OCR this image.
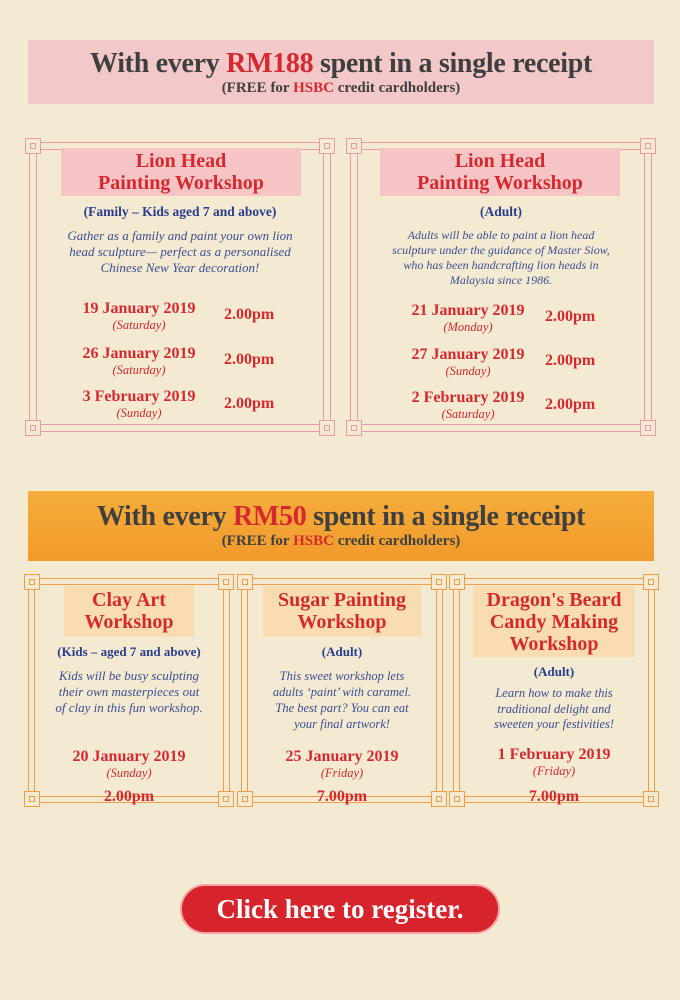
With every RM188 spent in a single receipt
(FREE for HSBC credit cardholders)
Lion Head
Painting Workshop
(Family – Kids aged 7 and above)
Gather as a family and paint your own lion
head sculpture— perfect as a personalised
Chinese New Year decoration!
19 January 2019
(Saturday)
2.00pm
26 January 2019
(Saturday)
2.00pm
3 February 2019
(Sunday)
2.00pm
Lion Head
Painting Workshop
(Adult)
Adults will be able to paint a lion head
sculpture under the guidance of Master Siow,
who has been handcrafting lion heads in
Malaysia since 1986.
21 January 2019
(Monday)
2.00pm
27 January 2019
(Sunday)
2.00pm
2 February 2019
(Saturday)
2.00pm
With every RM50 spent in a single receipt
(FREE for HSBC credit cardholders)
Clay Art
Workshop
(Kids – aged 7 and above)
Kids will be busy sculpting
their own masterpieces out
of clay in this fun workshop.
20 January 2019
(Sunday)
2.00pm
Sugar Painting
Workshop
(Adult)
This sweet workshop lets
adults ‘paint’ with caramel.
The best part? You can eat
your final artwork!
25 January 2019
(Friday)
7.00pm
Dragon's Beard
Candy Making
Workshop
(Adult)
Learn how to make this
traditional delight and
sweeten your festivities!
1 February 2019
(Friday)
7.00pm
Click here to register.
